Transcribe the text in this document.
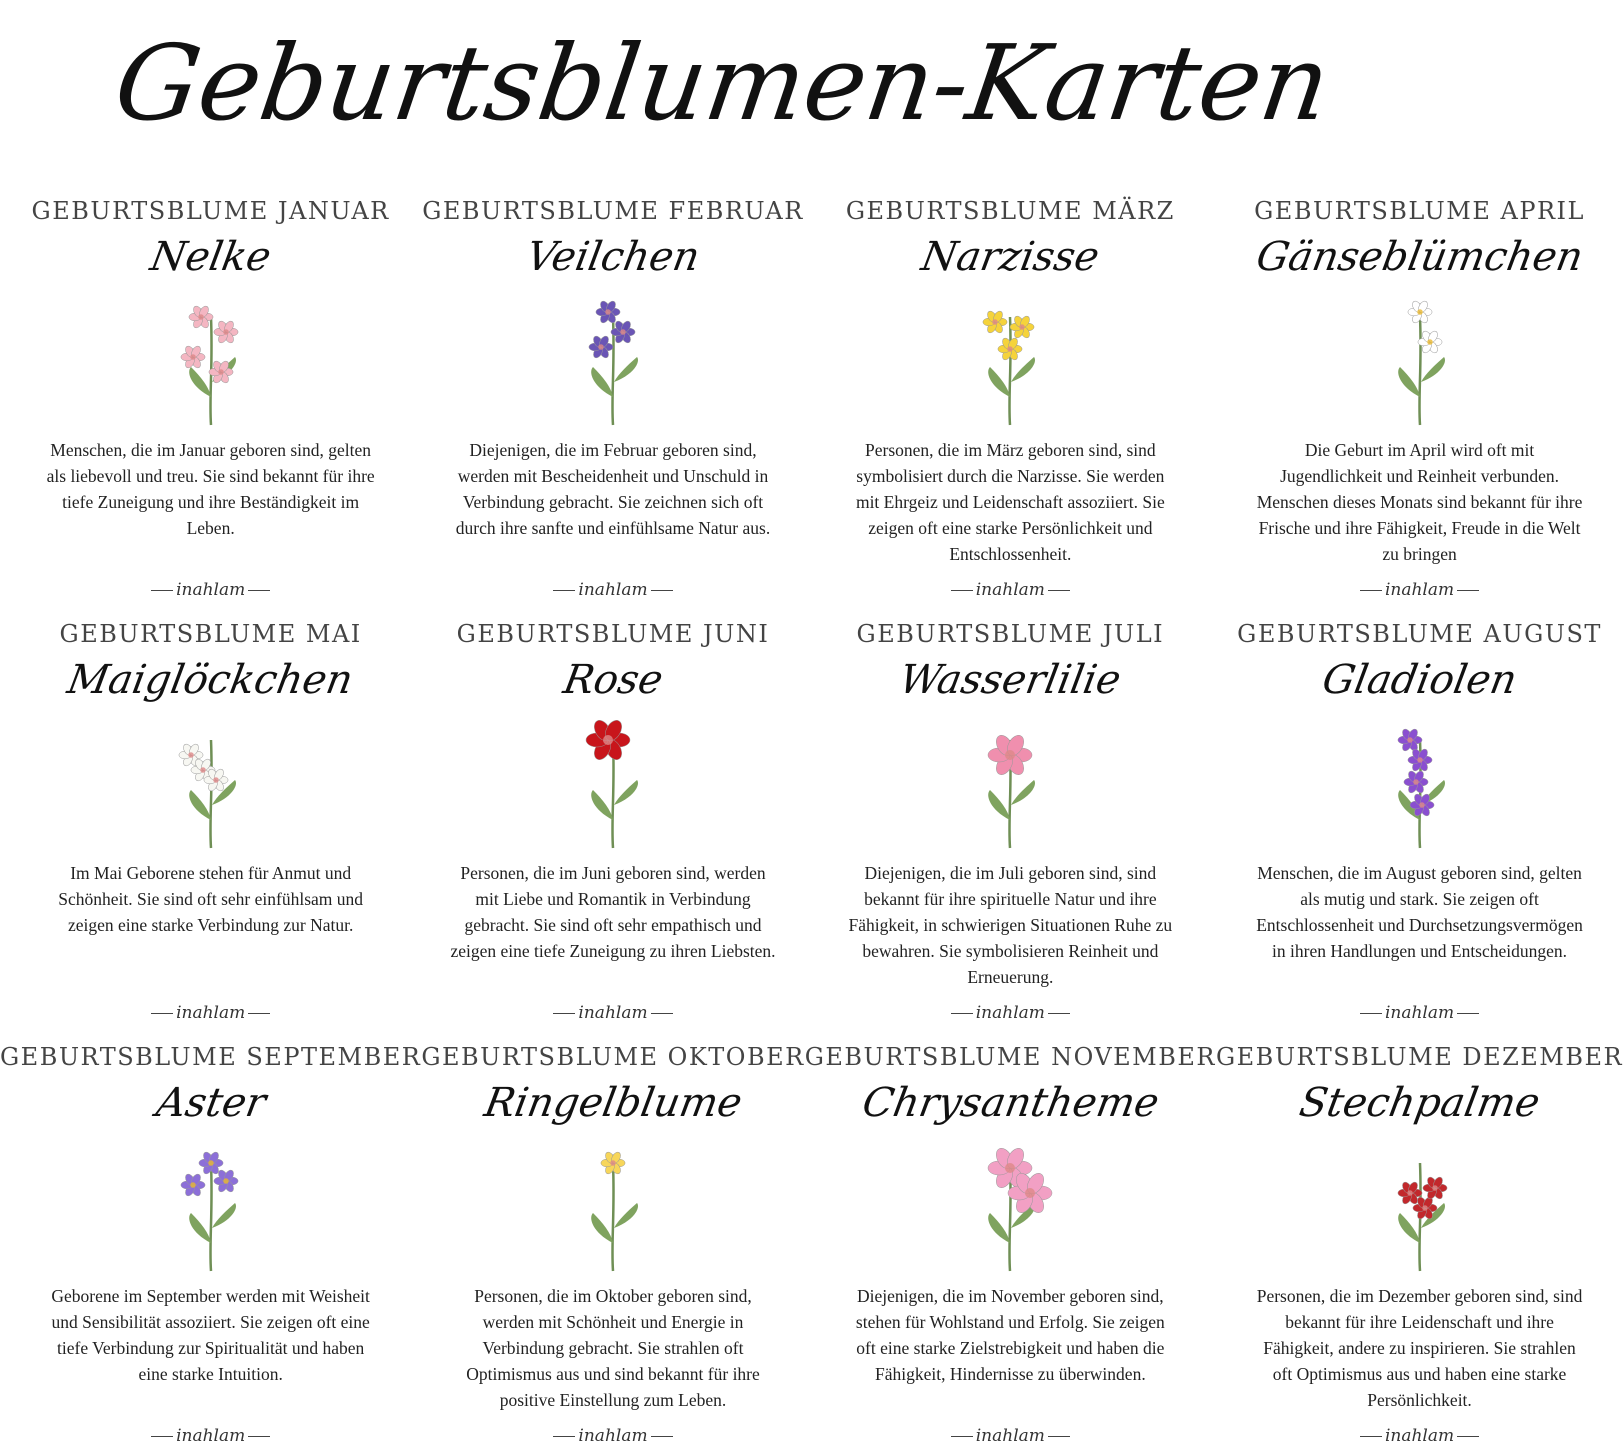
Geburtsblumen-Karten
GEBURTSBLUME JANUAR
Nelke
Menschen, die im Januar geboren sind, gelten als liebevoll und treu. Sie sind bekannt für ihre tiefe Zuneigung und ihre Beständigkeit im Leben.
inahlam
GEBURTSBLUME FEBRUAR
Veilchen
Diejenigen, die im Februar geboren sind, werden mit Bescheidenheit und Unschuld in Verbindung gebracht. Sie zeichnen sich oft durch ihre sanfte und einfühlsame Natur aus.
inahlam
GEBURTSBLUME MÄRZ
Narzisse
Personen, die im März geboren sind, sind symbolisiert durch die Narzisse. Sie werden mit Ehrgeiz und Leidenschaft assoziiert. Sie zeigen oft eine starke Persönlichkeit und Entschlossenheit.
inahlam
GEBURTSBLUME APRIL
Gänseblümchen
Die Geburt im April wird oft mit Jugendlichkeit und Reinheit verbunden. Menschen dieses Monats sind bekannt für ihre Frische und ihre Fähigkeit, Freude in die Welt zu bringen
inahlam
GEBURTSBLUME MAI
Maiglöckchen
Im Mai Geborene stehen für Anmut und Schönheit. Sie sind oft sehr einfühlsam und zeigen eine starke Verbindung zur Natur.
inahlam
GEBURTSBLUME JUNI
Rose
Personen, die im Juni geboren sind, werden mit Liebe und Romantik in Verbindung gebracht. Sie sind oft sehr empathisch und zeigen eine tiefe Zuneigung zu ihren Liebsten.
inahlam
GEBURTSBLUME JULI
Wasserlilie
Diejenigen, die im Juli geboren sind, sind bekannt für ihre spirituelle Natur und ihre Fähigkeit, in schwierigen Situationen Ruhe zu bewahren. Sie symbolisieren Reinheit und Erneuerung.
inahlam
GEBURTSBLUME AUGUST
Gladiolen
Menschen, die im August geboren sind, gelten als mutig und stark. Sie zeigen oft Entschlossenheit und Durchsetzungsvermögen in ihren Handlungen und Entscheidungen.
inahlam
GEBURTSBLUME SEPTEMBER
Aster
Geborene im September werden mit Weisheit und Sensibilität assoziiert. Sie zeigen oft eine tiefe Verbindung zur Spiritualität und haben eine starke Intuition.
inahlam
GEBURTSBLUME OKTOBER
Ringelblume
Personen, die im Oktober geboren sind, werden mit Schönheit und Energie in Verbindung gebracht. Sie strahlen oft Optimismus aus und sind bekannt für ihre positive Einstellung zum Leben.
inahlam
GEBURTSBLUME NOVEMBER
Chrysantheme
Diejenigen, die im November geboren sind, stehen für Wohlstand und Erfolg. Sie zeigen oft eine starke Zielstrebigkeit und haben die Fähigkeit, Hindernisse zu überwinden.
inahlam
GEBURTSBLUME DEZEMBER
Stechpalme
Personen, die im Dezember geboren sind, sind bekannt für ihre Leidenschaft und ihre Fähigkeit, andere zu inspirieren. Sie strahlen oft Optimismus aus und haben eine starke Persönlichkeit.
inahlam
